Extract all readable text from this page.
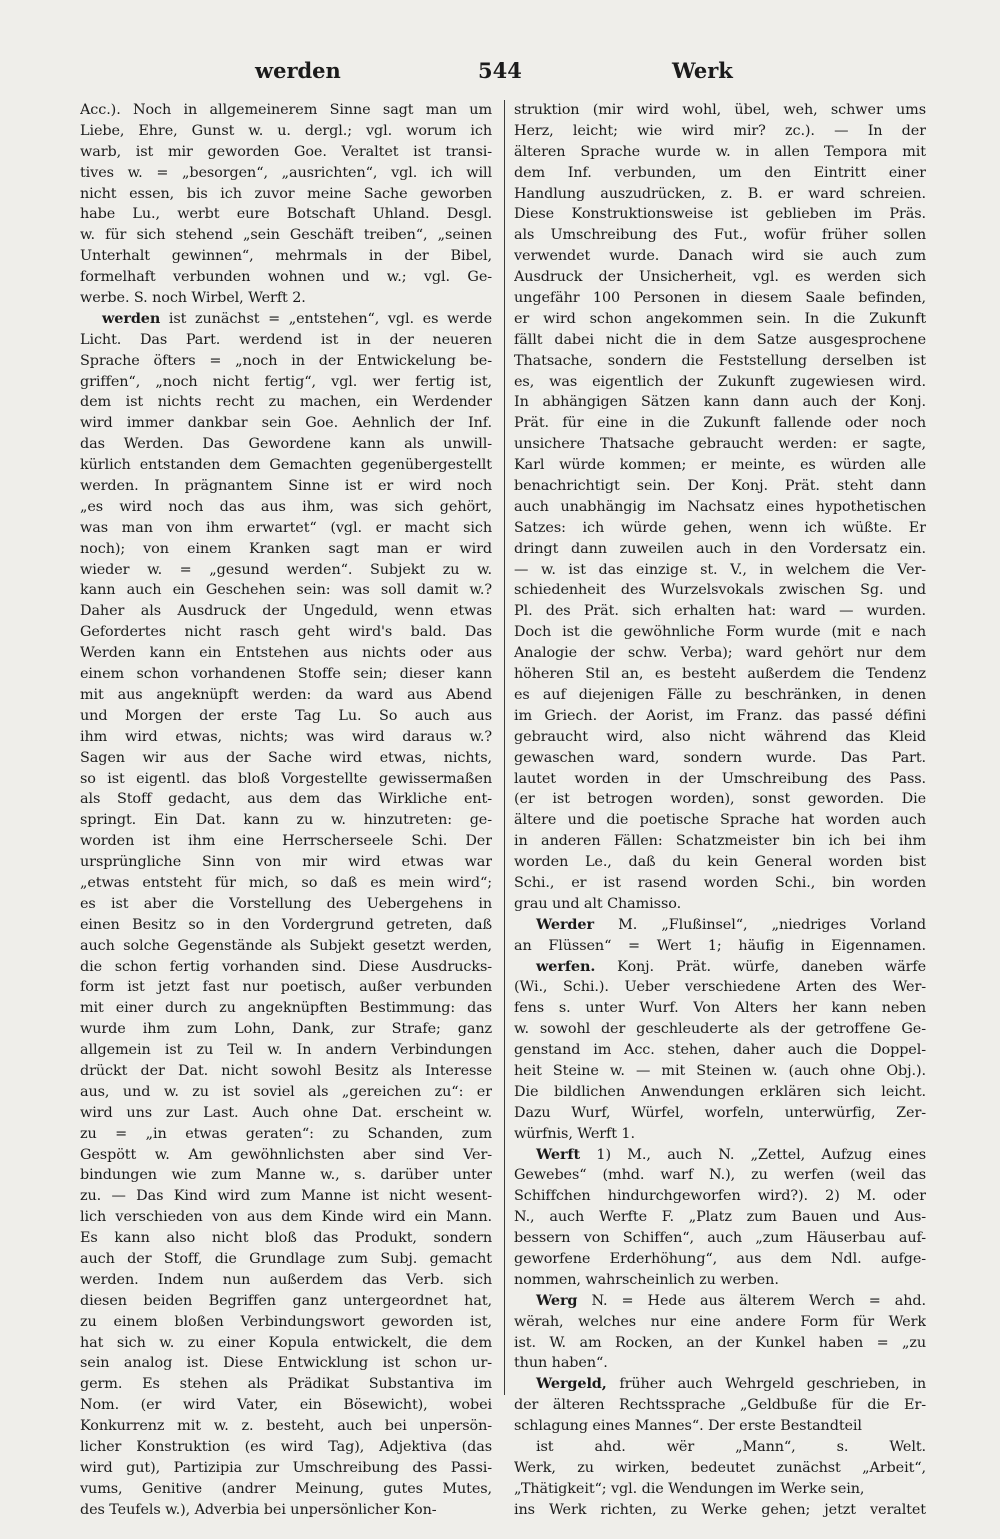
werden	544	Werk
Acc.). Noch in allgemeinerem Sinne sagt man um
Liebe, Ehre, Gunst w. u. dergl.; vgl. worum ich
warb, ist mir geworden Goe. Veraltet ist transi-
tives w. = „besorgen“, „ausrichten“, vgl. ich will
nicht essen, bis ich zuvor meine Sache geworben
habe Lu., werbt eure Botschaft Uhland. Desgl.
w. für sich stehend „sein Geschäft treiben“, „seinen
Unterhalt gewinnen“, mehrmals in der Bibel,
formelhaft verbunden wohnen und w.; vgl. Ge-
werbe. S. noch Wirbel, Werft 2.
werden ist zunächst = „entstehen“, vgl. es werde
Licht. Das Part. werdend ist in der neueren
Sprache öfters = „noch in der Entwickelung be-
griffen“, „noch nicht fertig“, vgl. wer fertig ist,
dem ist nichts recht zu machen, ein Werdender
wird immer dankbar sein Goe. Aehnlich der Inf.
das Werden. Das Gewordene kann als unwill-
kürlich entstanden dem Gemachten gegenübergestellt
werden. In prägnantem Sinne ist er wird noch
„es wird noch das aus ihm, was sich gehört,
was man von ihm erwartet“ (vgl. er macht sich
noch); von einem Kranken sagt man er wird
wieder w. = „gesund werden“. Subjekt zu w.
kann auch ein Geschehen sein: was soll damit w.?
Daher als Ausdruck der Ungeduld, wenn etwas
Gefordertes nicht rasch geht wird's bald. Das
Werden kann ein Entstehen aus nichts oder aus
einem schon vorhandenen Stoffe sein; dieser kann
mit aus angeknüpft werden: da ward aus Abend
und Morgen der erste Tag Lu. So auch aus
ihm wird etwas, nichts; was wird daraus w.?
Sagen wir aus der Sache wird etwas, nichts,
so ist eigentl. das bloß Vorgestellte gewissermaßen
als Stoff gedacht, aus dem das Wirkliche ent-
springt. Ein Dat. kann zu w. hinzutreten: ge-
worden ist ihm eine Herrscherseele Schi. Der
ursprüngliche Sinn von mir wird etwas war
„etwas entsteht für mich, so daß es mein wird“;
es ist aber die Vorstellung des Uebergehens in
einen Besitz so in den Vordergrund getreten, daß
auch solche Gegenstände als Subjekt gesetzt werden,
die schon fertig vorhanden sind. Diese Ausdrucks-
form ist jetzt fast nur poetisch, außer verbunden
mit einer durch zu angeknüpften Bestimmung: das
wurde ihm zum Lohn, Dank, zur Strafe; ganz
allgemein ist zu Teil w. In andern Verbindungen
drückt der Dat. nicht sowohl Besitz als Interesse
aus, und w. zu ist soviel als „gereichen zu“: er
wird uns zur Last. Auch ohne Dat. erscheint w.
zu = „in etwas geraten“: zu Schanden, zum
Gespött w. Am gewöhnlichsten aber sind Ver-
bindungen wie zum Manne w., s. darüber unter
zu. — Das Kind wird zum Manne ist nicht wesent-
lich verschieden von aus dem Kinde wird ein Mann.
Es kann also nicht bloß das Produkt, sondern
auch der Stoff, die Grundlage zum Subj. gemacht
werden. Indem nun außerdem das Verb. sich
diesen beiden Begriffen ganz untergeordnet hat,
zu einem bloßen Verbindungswort geworden ist,
hat sich w. zu einer Kopula entwickelt, die dem
sein analog ist. Diese Entwicklung ist schon ur-
germ. Es stehen als Prädikat Substantiva im
Nom. (er wird Vater, ein Bösewicht), wobei
Konkurrenz mit w. z. besteht, auch bei unpersön-
licher Konstruktion (es wird Tag), Adjektiva (das
wird gut), Partizipia zur Umschreibung des Passi-
vums, Genitive (andrer Meinung, gutes Mutes,
des Teufels w.), Adverbia bei unpersönlicher Kon-
struktion (mir wird wohl, übel, weh, schwer ums
Herz, leicht; wie wird mir? zc.). — In der
älteren Sprache wurde w. in allen Tempora mit
dem Inf. verbunden, um den Eintritt einer
Handlung auszudrücken, z. B. er ward schreien.
Diese Konstruktionsweise ist geblieben im Präs.
als Umschreibung des Fut., wofür früher sollen
verwendet wurde. Danach wird sie auch zum
Ausdruck der Unsicherheit, vgl. es werden sich
ungefähr 100 Personen in diesem Saale befinden,
er wird schon angekommen sein. In die Zukunft
fällt dabei nicht die in dem Satze ausgesprochene
Thatsache, sondern die Feststellung derselben ist
es, was eigentlich der Zukunft zugewiesen wird.
In abhängigen Sätzen kann dann auch der Konj.
Prät. für eine in die Zukunft fallende oder noch
unsichere Thatsache gebraucht werden: er sagte,
Karl würde kommen; er meinte, es würden alle
benachrichtigt sein. Der Konj. Prät. steht dann
auch unabhängig im Nachsatz eines hypothetischen
Satzes: ich würde gehen, wenn ich wüßte. Er
dringt dann zuweilen auch in den Vordersatz ein.
— w. ist das einzige st. V., in welchem die Ver-
schiedenheit des Wurzelsvokals zwischen Sg. und
Pl. des Prät. sich erhalten hat: ward — wurden.
Doch ist die gewöhnliche Form wurde (mit e nach
Analogie der schw. Verba); ward gehört nur dem
höheren Stil an, es besteht außerdem die Tendenz
es auf diejenigen Fälle zu beschränken, in denen
im Griech. der Aorist, im Franz. das passé défini
gebraucht wird, also nicht während das Kleid
gewaschen ward, sondern wurde. Das Part.
lautet worden in der Umschreibung des Pass.
(er ist betrogen worden), sonst geworden. Die
ältere und die poetische Sprache hat worden auch
in anderen Fällen: Schatzmeister bin ich bei ihm
worden Le., daß du kein General worden bist
Schi., er ist rasend worden Schi., bin worden
grau und alt Chamisso.
Werder M. „Flußinsel“, „niedriges Vorland
an Flüssen“ = Wert 1; häufig in Eigennamen.
werfen. Konj. Prät. würfe, daneben wärfe
(Wi., Schi.). Ueber verschiedene Arten des Wer-
fens s. unter Wurf. Von Alters her kann neben
w. sowohl der geschleuderte als der getroffene Ge-
genstand im Acc. stehen, daher auch die Doppel-
heit Steine w. — mit Steinen w. (auch ohne Obj.).
Die bildlichen Anwendungen erklären sich leicht.
Dazu Wurf, Würfel, worfeln, unterwürfig, Zer-
würfnis, Werft 1.
Werft 1) M., auch N. „Zettel, Aufzug eines
Gewebes“ (mhd. warf N.), zu werfen (weil das
Schiffchen hindurchgeworfen wird?). 2) M. oder
N., auch Werfte F. „Platz zum Bauen und Aus-
bessern von Schiffen“, auch „zum Häuserbau auf-
geworfene Erderhöhung“, aus dem Ndl. aufge-
nommen, wahrscheinlich zu werben.
Werg N. = Hede aus älterem Werch = ahd.
wërah, welches nur eine andere Form für Werk
ist. W. am Rocken, an der Kunkel haben = „zu
thun haben“.
Wergeld, früher auch Wehrgeld geschrieben, in
der älteren Rechtssprache „Geldbuße für die Er-
schlagung eines Mannes“. Der erste Bestandteil
ist ahd. wër „Mann“, s. Welt.
Werk, zu wirken, bedeutet zunächst „Arbeit“,
„Thätigkeit“; vgl. die Wendungen im Werke sein,
ins Werk richten, zu Werke gehen; jetzt veraltet
